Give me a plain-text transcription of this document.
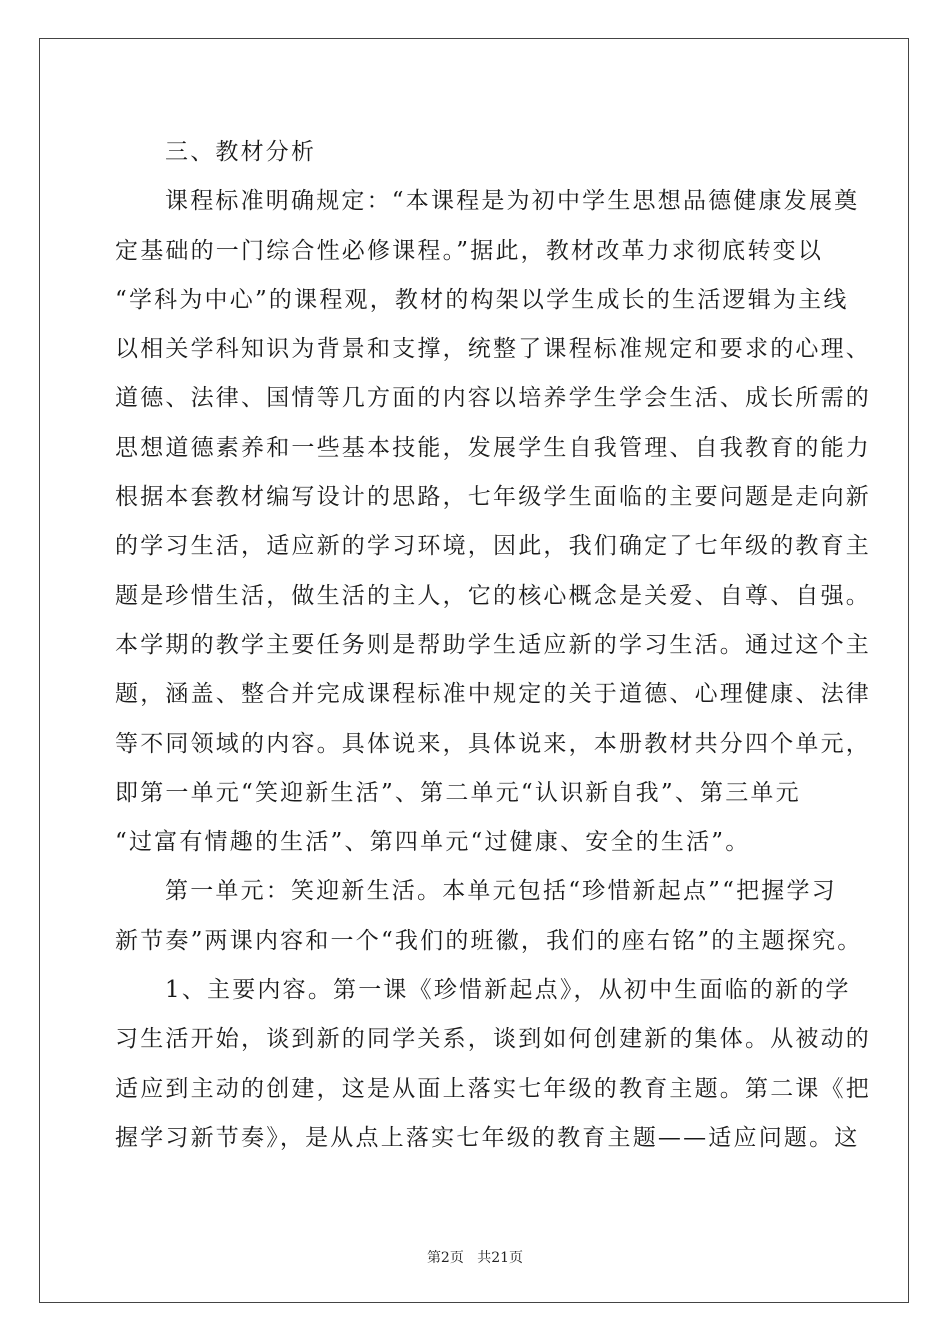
三、教材分析
课程标准明确规定：“本课程是为初中学生思想品德健康发展奠
定基础的一门综合性必修课程。”据此，教材改革力求彻底转变以
“学科为中心”的课程观，教材的构架以学生成长的生活逻辑为主线
以相关学科知识为背景和支撑，统整了课程标准规定和要求的心理、
道德、法律、国情等几方面的内容以培养学生学会生活、成长所需的
思想道德素养和一些基本技能，发展学生自我管理、自我教育的能力
根据本套教材编写设计的思路，七年级学生面临的主要问题是走向新
的学习生活，适应新的学习环境，因此，我们确定了七年级的教育主
题是珍惜生活，做生活的主人，它的核心概念是关爱、自尊、自强。
本学期的教学主要任务则是帮助学生适应新的学习生活。通过这个主
题，涵盖、整合并完成课程标准中规定的关于道德、心理健康、法律
等不同领域的内容。具体说来，具体说来，本册教材共分四个单元，
即第一单元“笑迎新生活”、第二单元“认识新自我”、第三单元
“过富有情趣的生活”、第四单元“过健康、安全的生活”。
第一单元：笑迎新生活。本单元包括“珍惜新起点”“把握学习
新节奏”两课内容和一个“我们的班徽，我们的座右铭”的主题探究。
1、主要内容。第一课《珍惜新起点》，从初中生面临的新的学
习生活开始，谈到新的同学关系，谈到如何创建新的集体。从被动的
适应到主动的创建，这是从面上落实七年级的教育主题。第二课《把
握学习新节奏》，是从点上落实七年级的教育主题——适应问题。这
第2页 共21页
